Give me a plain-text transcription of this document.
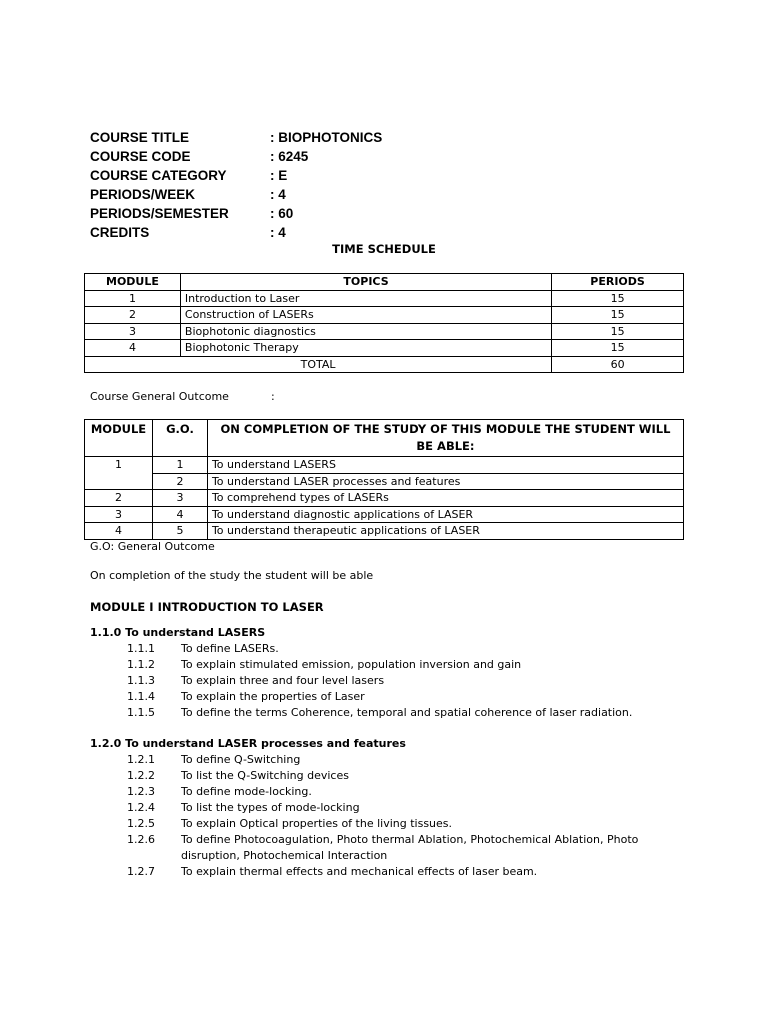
COURSE TITLE	: BIOPHOTONICS
COURSE CODE	: 6245
COURSE CATEGORY	: E
PERIODS/WEEK	: 4
PERIODS/SEMESTER	: 60
CREDITS	: 4
TIME SCHEDULE
MODULE	TOPICS	PERIODS
1	Introduction to Laser	15
2	Construction of LASERs	15
3	Biophotonic diagnostics	15
4	Biophotonic Therapy	15
TOTAL		60
Course General Outcome	:
MODULE	G.O.	ON COMPLETION OF THE STUDY OF THIS MODULE THE STUDENT WILL BE ABLE:
1	1	To understand LASERS
	2	To understand LASER processes and features
2	3	To comprehend types of LASERs
3	4	To understand diagnostic applications of LASER
4	5	To understand therapeutic applications of LASER
G.O: General Outcome
On completion of the study the student will be able
MODULE I INTRODUCTION TO LASER
1.1.0 To understand LASERS
1.1.1	To define LASERs.
1.1.2	To explain stimulated emission, population inversion and gain
1.1.3	To explain three and four level lasers
1.1.4	To explain the properties of Laser
1.1.5	To define the terms Coherence, temporal and spatial coherence of laser radiation.
1.2.0 To understand LASER processes and features
1.2.1	To define Q-Switching
1.2.2	To list the Q-Switching devices
1.2.3	To define mode-locking.
1.2.4	To list the types of mode-locking
1.2.5	To explain Optical properties of the living tissues.
1.2.6	To define Photocoagulation, Photo thermal Ablation, Photochemical Ablation, Photo disruption, Photochemical Interaction
1.2.7	To explain thermal effects and mechanical effects of laser beam.
